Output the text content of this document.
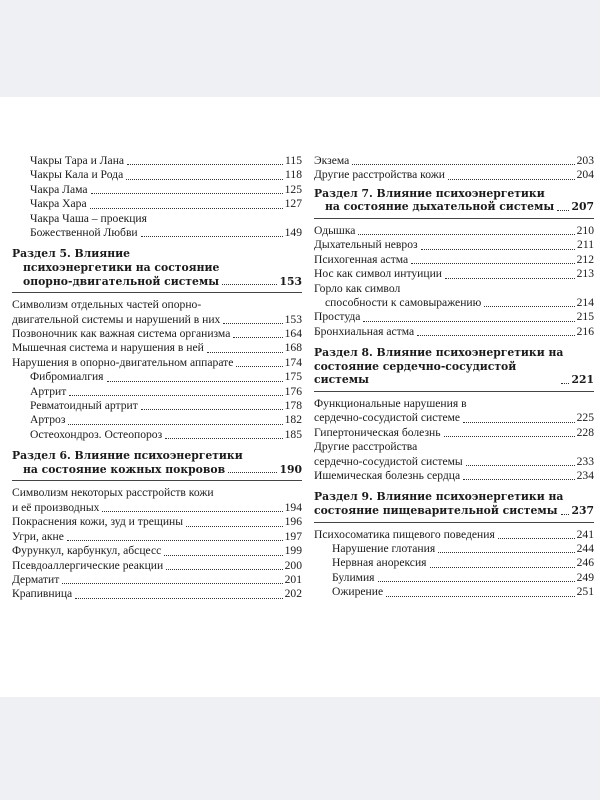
Чакры Тара и Лана	115
Чакры Кала и Рода	118
Чакра Лама	125
Чакра Хара	127
Чакра Чаша – проекция
Божественной Любви	149
Раздел 5. Влияние
психоэнергетики на состояние
опорно-двигательной системы	153
Символизм отдельных частей опорно-
двигательной системы и нарушений в них	153
Позвоночник как важная система организма	164
Мышечная система и нарушения в ней	168
Нарушения в опорно-двигательном аппарате	174
Фибромиалгия	175
Артрит	176
Ревматоидный артрит	178
Артроз	182
Остеохондроз. Остеопороз	185
Раздел 6. Влияние психоэнергетики
на состояние кожных покровов	190
Символизм некоторых расстройств кожи
и её производных	194
Покраснения кожи, зуд и трещины	196
Угри, акне	197
Фурункул, карбункул, абсцесс	199
Псевдоаллергические реакции	200
Дерматит	201
Крапивница	202
Экзема	203
Другие расстройства кожи	204
Раздел 7. Влияние психоэнергетики
на состояние дыхательной системы 207
Одышка	210
Дыхательный невроз	211
Психогенная астма	212
Нос как символ интуиции	213
Горло как символ
способности к самовыражению	214
Простуда	215
Бронхиальная астма	216
Раздел 8. Влияние психоэнергетики на
состояние сердечно-сосудистой системы	221
Функциональные нарушения в
сердечно-сосудистой системе	225
Гипертоническая болезнь	228
Другие расстройства
сердечно-сосудистой системы	233
Ишемическая болезнь сердца	234
Раздел 9. Влияние психоэнергетики на
состояние пищеварительной системы 237
Психосоматика пищевого поведения	241
Нарушение глотания	244
Нервная анорексия	246
Булимия	249
Ожирение	251
